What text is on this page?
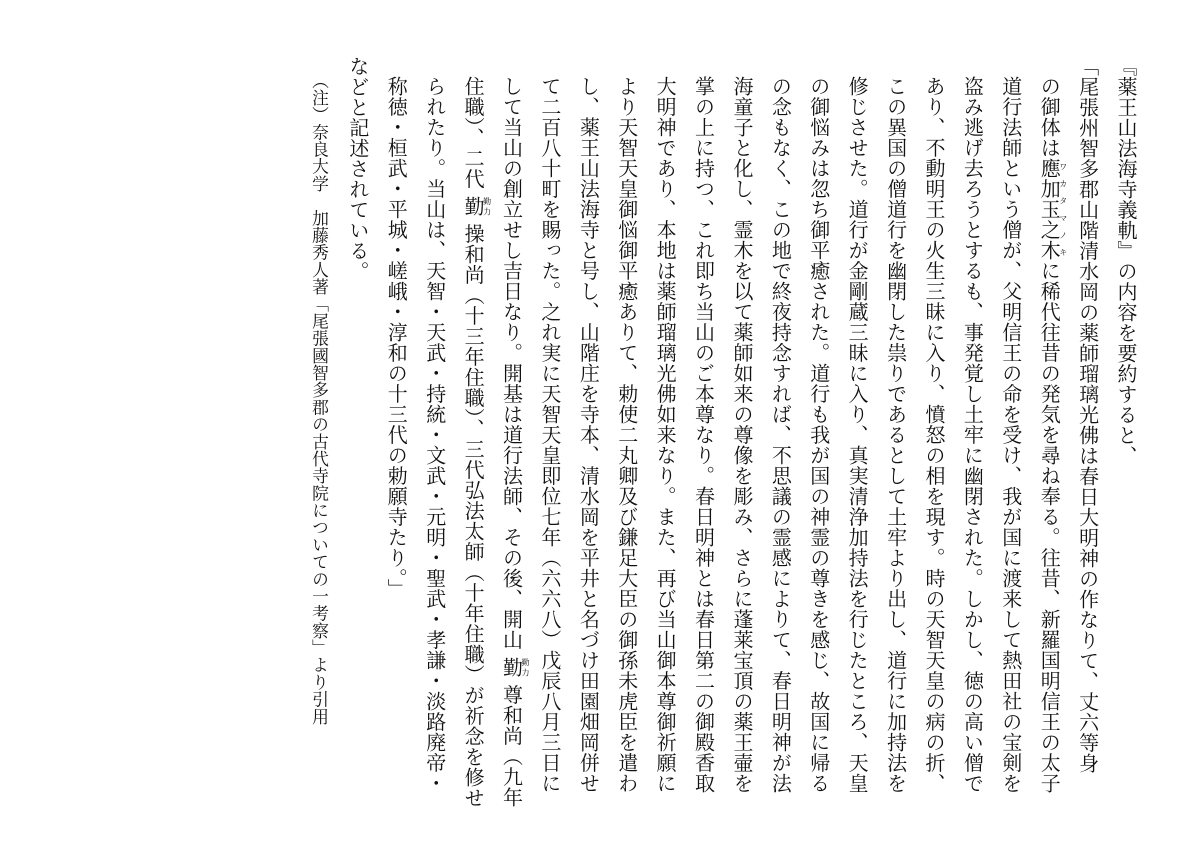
『薬王山法海寺義軌』の内容を要約すると、
「尾張州智多郡山階清水岡の薬師瑠璃光佛は春日大明神の作なりて、丈六等身
の御体は應加玉之木ワカタマノキに稀代往昔の発気を尋ね奉る。往昔、新羅国明信王の太子
道行法師という僧が、父明信王の命を受け、我が国に渡来して熱田社の宝剣を
盗み逃げ去ろうとするも、事発覚し土牢に幽閉された。しかし、徳の高い僧で
あり、不動明王の火生三昧に入り、憤怒の相を現す。時の天智天皇の病の折、
この異国の僧道行を幽閉した祟りであるとして土牢より出し、道行に加持法を
修じさせた。道行が金剛蔵三昧に入り、真実清浄加持法を行じたところ、天皇
の御悩みは忽ち御平癒された。道行も我が国の神霊の尊きを感じ、故国に帰る
の念もなく、この地で終夜持念すれば、不思議の霊感によりて、春日明神が法
海童子と化し、霊木を以て薬師如来の尊像を彫み、さらに蓬莱宝頂の薬王壷を
掌の上に持つ、これ即ち当山のご本尊なり。春日明神とは春日第二の御殿香取
大明神であり、本地は薬師瑠璃光佛如来なり。また、再び当山御本尊御祈願に
より天智天皇御悩御平癒ありて、勅使二丸卿及び鎌足大臣の御孫未虎臣を遣わ
し、薬王山法海寺と号し、山階庄を寺本、清水岡を平井と名づけ田園畑岡併せ
て二百八十町を賜った。之れ実に天智天皇即位七年（六六八）戊辰八月三日に
して当山の創立せし吉日なり。開基は道行法師、その後、開山 勤勤力 尊和尚（九年
住職）、二代 勤勤力 操和尚（十三年住職）、三代弘法太師（十年住職）が祈念を修せ
られたり。当山は、天智・天武・持統・文武・元明・聖武・孝謙・淡路廃帝・
称徳・桓武・平城・嵯峨・淳和の十三代の勅願寺たり。」
などと記述されている。
（注）奈良大学　加藤秀人著「尾張國智多郡の古代寺院についての一考察」より引用
